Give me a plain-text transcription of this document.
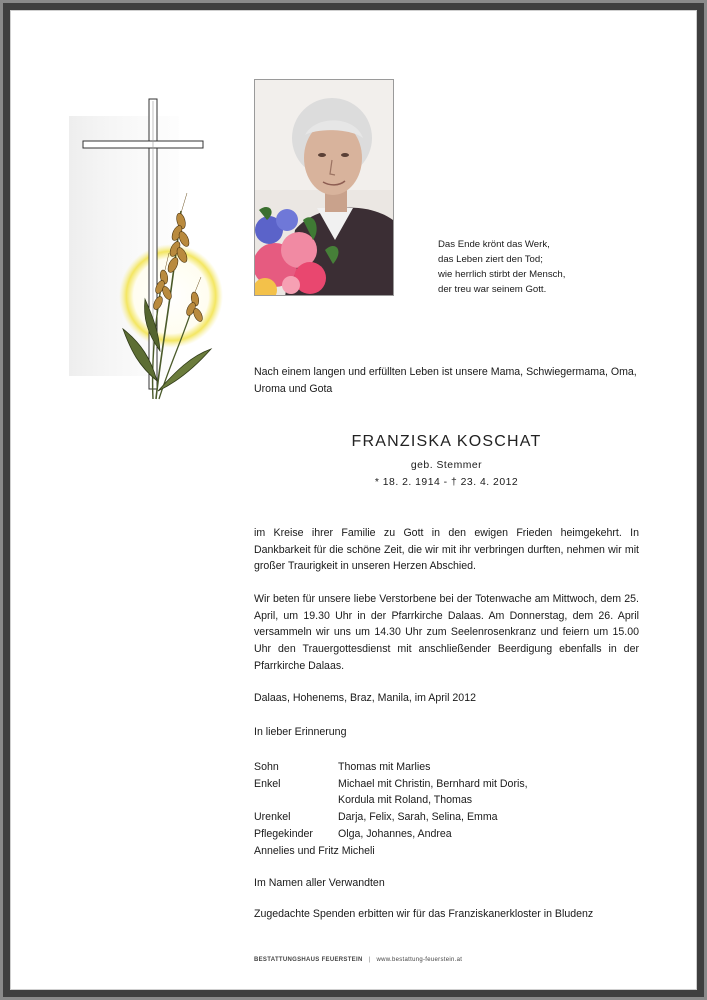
Das Ende krönt das Werk,
das Leben ziert den Tod;
wie herrlich stirbt der Mensch,
der treu war seinem Gott.
Nach einem langen und erfüllten Leben ist unsere Mama, Schwiegermama, Oma, Uroma und Gota
FRANZISKA KOSCHAT
geb. Stemmer
* 18. 2. 1914 - † 23. 4. 2012
im Kreise ihrer Familie zu Gott in den ewigen Frieden heimgekehrt. In Dankbarkeit für die schöne Zeit, die wir mit ihr verbringen durften, nehmen wir mit großer Traurigkeit in unseren Herzen Abschied.
Wir beten für unsere liebe Verstorbene bei der Totenwache am Mittwoch, dem 25. April, um 19.30 Uhr in der Pfarrkirche Dalaas. Am Donnerstag, dem 26. April versammeln wir uns um 14.30 Uhr zum Seelenrosenkranz und feiern um 15.00 Uhr den Trauergottesdienst mit anschließender Beerdigung ebenfalls in der Pfarrkirche Dalaas.
Dalaas, Hohenems, Braz, Manila, im April 2012
In lieber Erinnerung
Sohn	Thomas mit Marlies
Enkel	Michael mit Christin, Bernhard mit Doris,
Kordula mit Roland, Thomas
Urenkel	Darja, Felix, Sarah, Selina, Emma
Pflegekinder	Olga, Johannes, Andrea
Annelies und Fritz Micheli
Im Namen aller Verwandten
Zugedachte Spenden erbitten wir für das Franziskanerkloster in Bludenz
BESTATTUNGSHAUS FEUERSTEIN | www.bestattung-feuerstein.at
